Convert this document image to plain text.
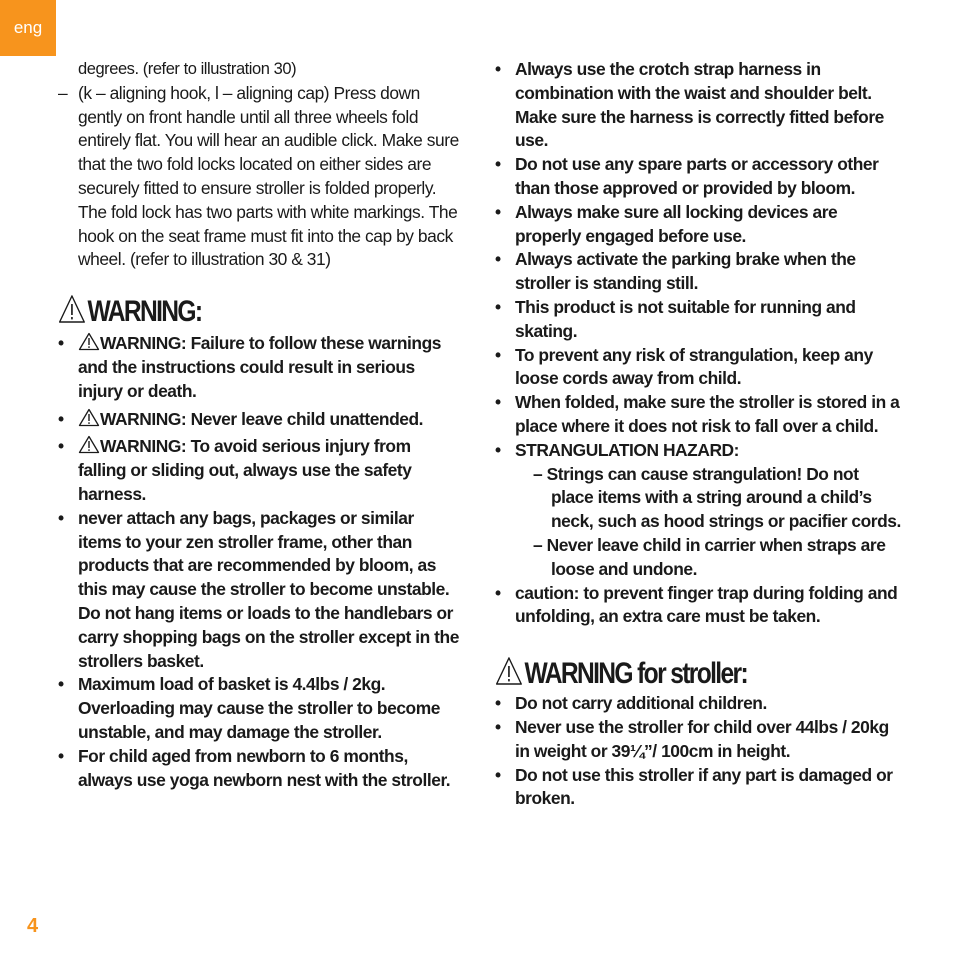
eng
degrees. (refer to illustration 30)
– (k – aligning hook, l – aligning cap) Press down gently on front handle until all three wheels fold entirely flat. You will hear an audible click. Make sure that the two fold locks located on either sides are securely fitted to ensure stroller is folded properly. The fold lock has two parts with white markings. The hook on the seat frame must fit into the cap by back wheel. (refer to illustration 30 & 31)
WARNING:
• WARNING: Failure to follow these warnings and the instructions could result in serious injury or death.
• WARNING: Never leave child unattended.
• WARNING: To avoid serious injury from falling or sliding out, always use the safety harness.
• never attach any bags, packages or similar items to your zen stroller frame, other than products that are recommended by bloom, as this may cause the stroller to become unstable. Do not hang items or loads to the handlebars or carry shopping bags on the stroller except in the strollers basket.
• Maximum load of basket is 4.4lbs / 2kg. Overloading may cause the stroller to become unstable, and may damage the stroller.
• For child aged from newborn to 6 months, always use yoga newborn nest with the stroller.
• Always use the crotch strap harness in combination with the waist and shoulder belt. Make sure the harness is correctly fitted before use.
• Do not use any spare parts or accessory other than those approved or provided by bloom.
• Always make sure all locking devices are properly engaged before use.
• Always activate the parking brake when the stroller is standing still.
• This product is not suitable for running and skating.
• To prevent any risk of strangulation, keep any loose cords away from child.
• When folded, make sure the stroller is stored in a place where it does not risk to fall over a child.
• STRANGULATION HAZARD:
– Strings can cause strangulation! Do not place items with a string around a child’s neck, such as hood strings or pacifier cords.
– Never leave child in carrier when straps are loose and undone.
• caution: to prevent finger trap during folding and unfolding, an extra care must be taken.
WARNING for stroller:
• Do not carry additional children.
• Never use the stroller for child over 44lbs / 20kg in weight or 39¼”/ 100cm in height.
• Do not use this stroller if any part is damaged or broken.
4
